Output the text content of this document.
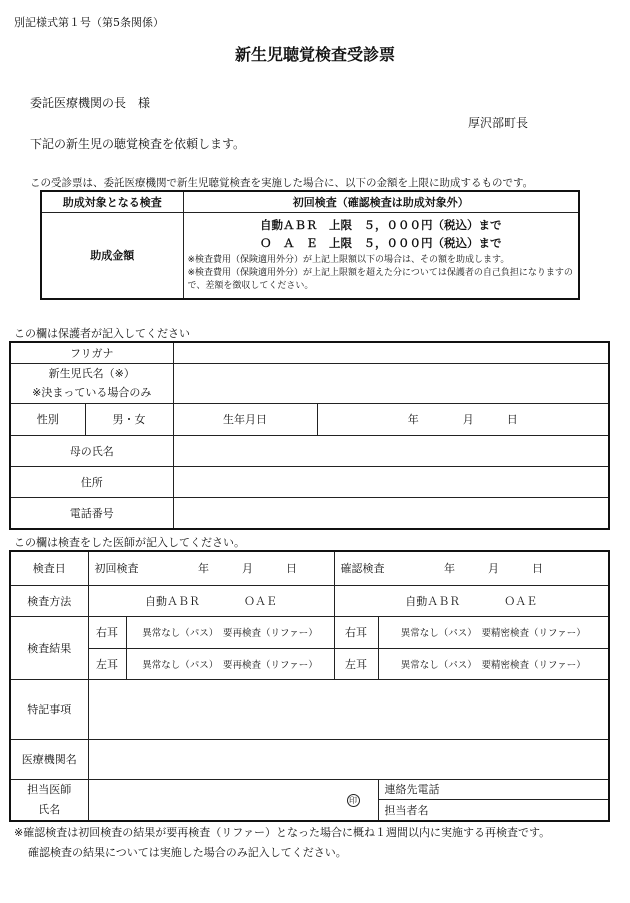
別記様式第１号（第5条関係）
新生児聴覚検査受診票
委託医療機関の長　様
厚沢部町長
下記の新生児の聴覚検査を依頼します。
この受診票は、委託医療機関で新生児聴覚検査を実施した場合に、以下の金額を上限に助成するものです。
助成対象となる検査	初回検査（確認検査は助成対象外）
助成金額	自動ＡＢＲ　上限　５，０００円（税込）まで
Ｏ　Ａ　Ｅ　上限　５，０００円（税込）まで
※検査費用（保険適用外分）が上記上限額以下の場合は、その額を助成します。
※検査費用（保険適用外分）が上記上限額を超えた分については保護者の自己負担になりますので、差額を徴収してください。
この欄は保護者が記入してください
フリガナ			

新生児氏名（※）
※決まっている場合のみ			

性別	男・女	生年月日	年　　　　月　　　日
母の氏名			
住所			
電話番号			
この欄は検査をした医師が記入してください。
検査日	初回検査 年　　　月　　　日		確認検査 年　　　月　　　日	
検査方法	自動ＡＢＲ　　　　ＯＡＥ		自動ＡＢＲ　　　　ＯＡＥ	
検査結果	右耳	異常なし（パス）　要再検査（リファー）	右耳	異常なし（パス）　要精密検査（リファー）
	左耳	異常なし（パス）　要再検査（リファー）	左耳	異常なし（パス）　要精密検査（リファー）
特記事項				
医療機関名				

担当医師
氏名	印			連絡先電話
				担当者名
※確認検査は初回検査の結果が要再検査（リファー）となった場合に概ね１週間以内に実施する再検査です。
確認検査の結果については実施した場合のみ記入してください。
